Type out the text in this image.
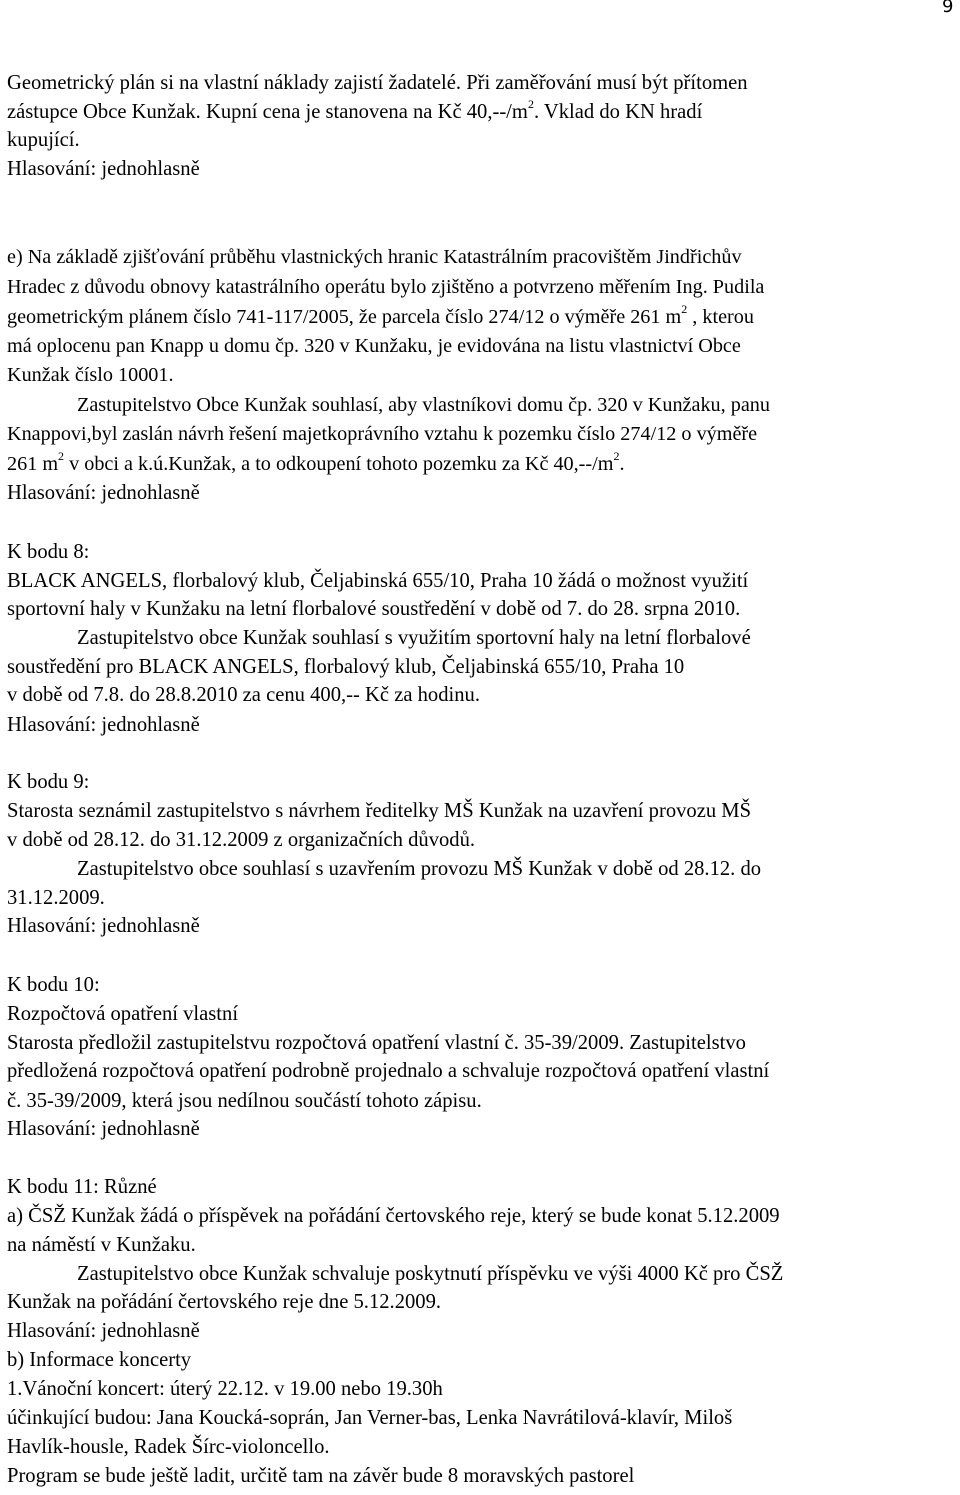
9
Geometrický plán si na vlastní náklady zajistí žadatelé. Při zaměřování musí být přítomen
zástupce Obce Kunžak. Kupní cena je stanovena na Kč $40,--/m^2$. Vklad do KN hradí
kupující.
Hlasování: jednohlasně
e) Na základě zjišťování průběhu vlastnických hranic Katastrálním pracovištěm Jindřichův
Hradec z důvodu obnovy katastrálního operátu bylo zjištěno a potvrzeno měřením Ing. Pudila
geometrickým plánem číslo 741-117/2005, že parcela číslo 274/12 o výměře 261 $m^2$ , kterou
má oplocenu pan Knapp u domu čp. 320 v Kunžaku, je evidována na listu vlastnictví Obce
Kunžak číslo 10001.
Zastupitelstvo Obce Kunžak souhlasí, aby vlastníkovi domu čp. 320 v Kunžaku, panu
Knappovi,byl zaslán návrh řešení majetkoprávního vztahu k pozemku číslo 274/12 o výměře
261 $m^2$ v obci a k.ú.Kunžak, a to odkoupení tohoto pozemku za Kč $40,--/m^2$.
Hlasování: jednohlasně
K bodu 8:
BLACK ANGELS, florbalový klub, Čeljabinská 655/10, Praha 10 žádá o možnost využití
sportovní haly v Kunžaku na letní florbalové soustředění v době od 7. do 28. srpna 2010.
Zastupitelstvo obce Kunžak souhlasí s využitím sportovní haly na letní florbalové
soustředění pro BLACK ANGELS, florbalový klub, Čeljabinská 655/10, Praha 10
v době od 7.8. do 28.8.2010 za cenu 400,-- Kč za hodinu.
Hlasování: jednohlasně
K bodu 9:
Starosta seznámil zastupitelstvo s návrhem ředitelky MŠ Kunžak na uzavření provozu MŠ
v době od 28.12. do 31.12.2009 z organizačních důvodů.
Zastupitelstvo obce souhlasí s uzavřením provozu MŠ Kunžak v době od 28.12. do
31.12.2009.
Hlasování: jednohlasně
K bodu 10:
Rozpočtová opatření vlastní
Starosta předložil zastupitelstvu rozpočtová opatření vlastní č. 35-39/2009. Zastupitelstvo
předložená rozpočtová opatření podrobně projednalo a schvaluje rozpočtová opatření vlastní
č. 35-39/2009, která jsou nedílnou součástí tohoto zápisu.
Hlasování: jednohlasně
K bodu 11: Různé
a) ČSŽ Kunžak žádá o příspěvek na pořádání čertovského reje, který se bude konat 5.12.2009
na náměstí v Kunžaku.
Zastupitelstvo obce Kunžak schvaluje poskytnutí příspěvku ve výši 4000 Kč pro ČSŽ
Kunžak na pořádání čertovského reje dne 5.12.2009.
Hlasování: jednohlasně
b) Informace koncerty
1.Vánoční koncert: úterý 22.12. v 19.00 nebo 19.30h
účinkující budou: Jana Koucká-soprán, Jan Verner-bas, Lenka Navrátilová-klavír, Miloš
Havlík-housle, Radek Šírc-violoncello.
Program se bude ještě ladit, určitě tam na závěr bude 8 moravských pastorel
